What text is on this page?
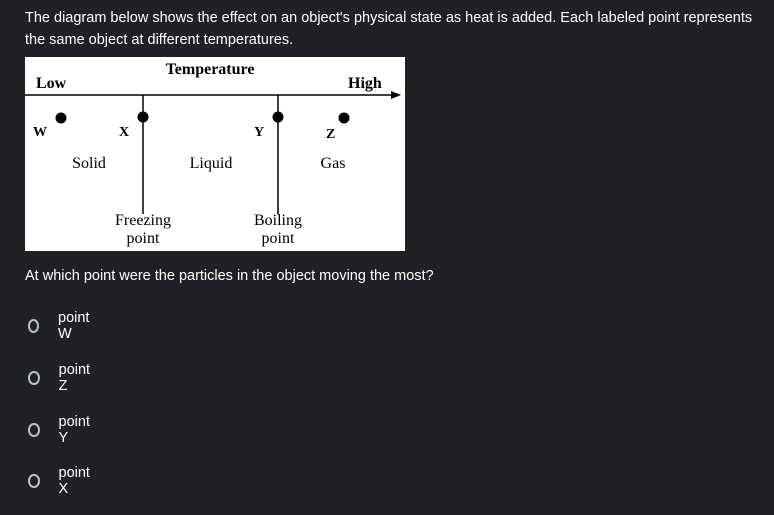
The diagram below shows the effect on an object's physical state as heat is added. Each labeled point represents the same object at different temperatures.
Temperature
Low	High
W	X	Y	Z
Solid	Liquid	Gas
Freezing
point
Boiling
point
At which point were the particles in the object moving the most?
point W
point Z
point Y
point X
